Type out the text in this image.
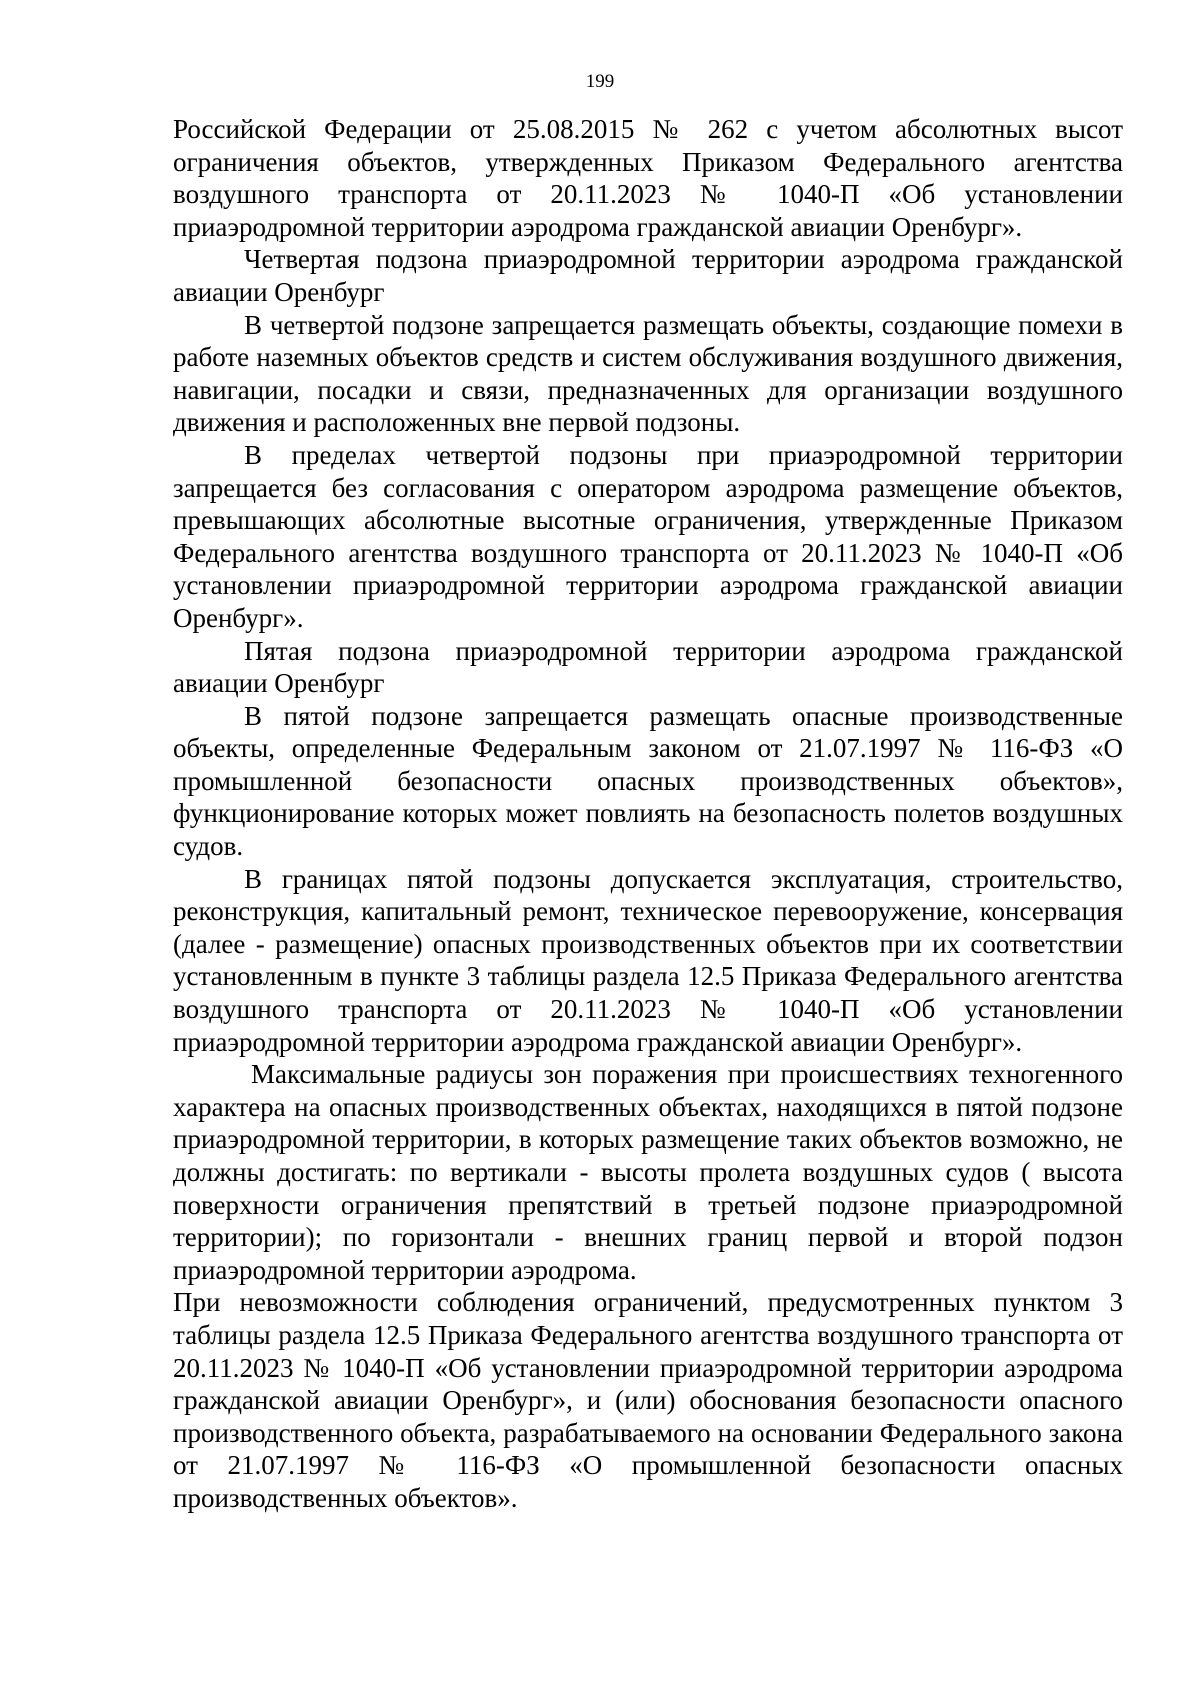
199

Российской Федерации от 25.08.2015 № 262 с учетом абсолютных высот ограничения объектов, утвержденных Приказом Федерального агентства воздушного транспорта от 20.11.2023 № 1040-П «Об установлении приаэродромной территории аэродрома гражданской авиации Оренбург».

Четвертая подзона приаэродромной территории аэродрома гражданской авиации Оренбург

В четвертой подзоне запрещается размещать объекты, создающие помехи в работе наземных объектов средств и систем обслуживания воздушного движения, навигации, посадки и связи, предназначенных для организации воздушного движения и расположенных вне первой подзоны.

В пределах четвертой подзоны при приаэродромной территории запрещается без согласования с оператором аэродрома размещение объектов, превышающих абсолютные высотные ограничения, утвержденные Приказом Федерального агентства воздушного транспорта от 20.11.2023 № 1040-П «Об установлении приаэродромной территории аэродрома гражданской авиации Оренбург».

Пятая подзона приаэродромной территории аэродрома гражданской авиации Оренбург

В пятой подзоне запрещается размещать опасные производственные объекты, определенные Федеральным законом от 21.07.1997 № 116-ФЗ «О промышленной безопасности опасных производственных объектов», функционирование которых может повлиять на безопасность полетов воздушных судов.

В границах пятой подзоны допускается эксплуатация, строительство, реконструкция, капитальный ремонт, техническое перевооружение, консервация (далее - размещение) опасных производственных объектов при их соответствии установленным в пункте 3 таблицы раздела 12.5 Приказа Федерального агентства воздушного транспорта от 20.11.2023 № 1040-П «Об установлении приаэродромной территории аэродрома гражданской авиации Оренбург».

Максимальные радиусы зон поражения при происшествиях техногенного характера на опасных производственных объектах, находящихся в пятой подзоне приаэродромной территории, в которых размещение таких объектов возможно, не должны достигать: по вертикали - высоты пролета воздушных судов ( высота поверхности ограничения препятствий в третьей подзоне приаэродромной территории); по горизонтали - внешних границ первой и второй подзон приаэродромной территории аэродрома.

При невозможности соблюдения ограничений, предусмотренных пунктом 3 таблицы раздела 12.5 Приказа Федерального агентства воздушного транспорта от 20.11.2023 № 1040-П «Об установлении приаэродромной территории аэродрома гражданской авиации Оренбург», и (или) обоснования безопасности опасного производственного объекта, разрабатываемого на основании Федерального закона от 21.07.1997 № 116-ФЗ «О промышленной безопасности опасных производственных объектов».
